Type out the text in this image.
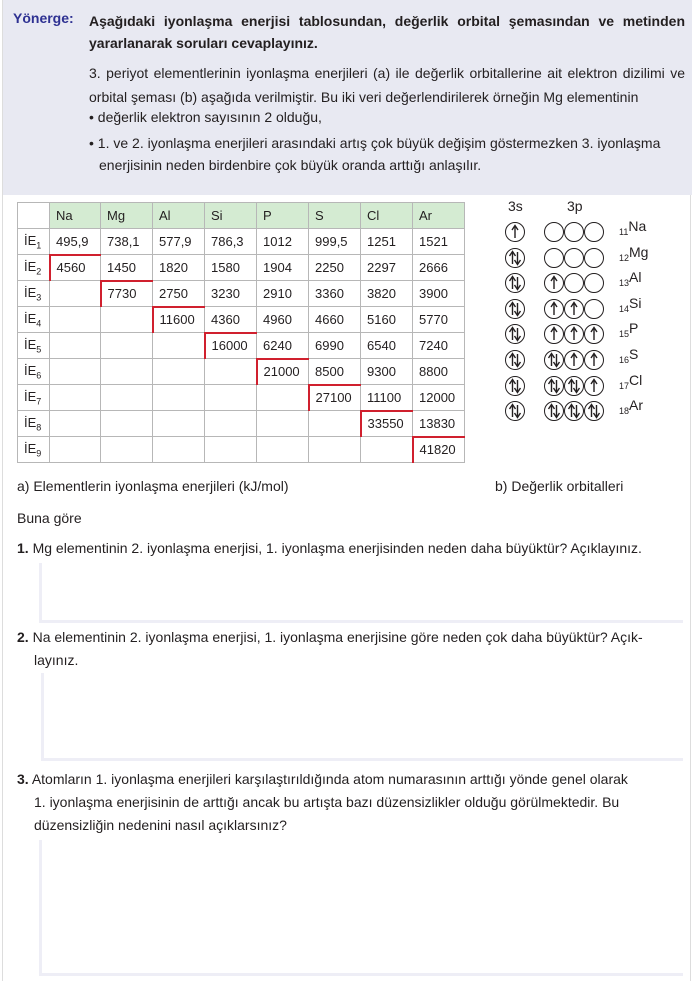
Yönerge: Aşağıdaki iyonlaşma enerjisi tablosundan, değerlik orbital şemasından ve metinden yararlanarak soruları cevaplayınız.
3. periyot elementlerinin iyonlaşma enerjileri (a) ile değerlik orbitallerine ait elektron dizilimi ve orbital şeması (b) aşağıda verilmiştir. Bu iki veri değerlendirilerek örneğin Mg elementinin
• değerlik elektron sayısının 2 olduğu,
• 1. ve 2. iyonlaşma enerjileri arasındaki artış çok büyük değişim göstermezken 3. iyonlaşma
enerjisinin neden birdenbire çok büyük oranda arttığı anlaşılır.
	Na	Mg	Al	Si	P	S	Cl	Ar
$İE_1$	495,9	738,1	577,9	786,3	1012	999,5	1251	1521
$İE_2$	4560	1450	1820	1580	1904	2250	2297	2666
$İE_3$		7730	2750	3230	2910	3360	3820	3900
$İE_4$			11600	4360	4960	4660	5160	5770
$İE_5$				16000	6240	6990	6540	7240
$İE_6$					21000	8500	9300	8800
$İE_7$						27100	11100	12000
$İE_8$							33550	13830
$İE_9$								41820
3s	3p
$_{11}$Na
$_{12}$Mg
$_{13}$Al
$_{14}$Si
$_{15}$P
$_{16}$S
$_{17}$Cl
$_{18}$Ar
a) Elementlerin iyonlaşma enerjileri (kJ/mol)	b) Değerlik orbitalleri
Buna göre
1. Mg elementinin 2. iyonlaşma enerjisi, 1. iyonlaşma enerjisinden neden daha büyüktür? Açıklayınız.
2. Na elementinin 2. iyonlaşma enerjisi, 1. iyonlaşma enerjisine göre neden çok daha büyüktür? Açık-
layınız.
3. Atomların 1. iyonlaşma enerjileri karşılaştırıldığında atom numarasının arttığı yönde genel olarak
1. iyonlaşma enerjisinin de arttığı ancak bu artışta bazı düzensizlikler olduğu görülmektedir. Bu
düzensizliğin nedenini nasıl açıklarsınız?
